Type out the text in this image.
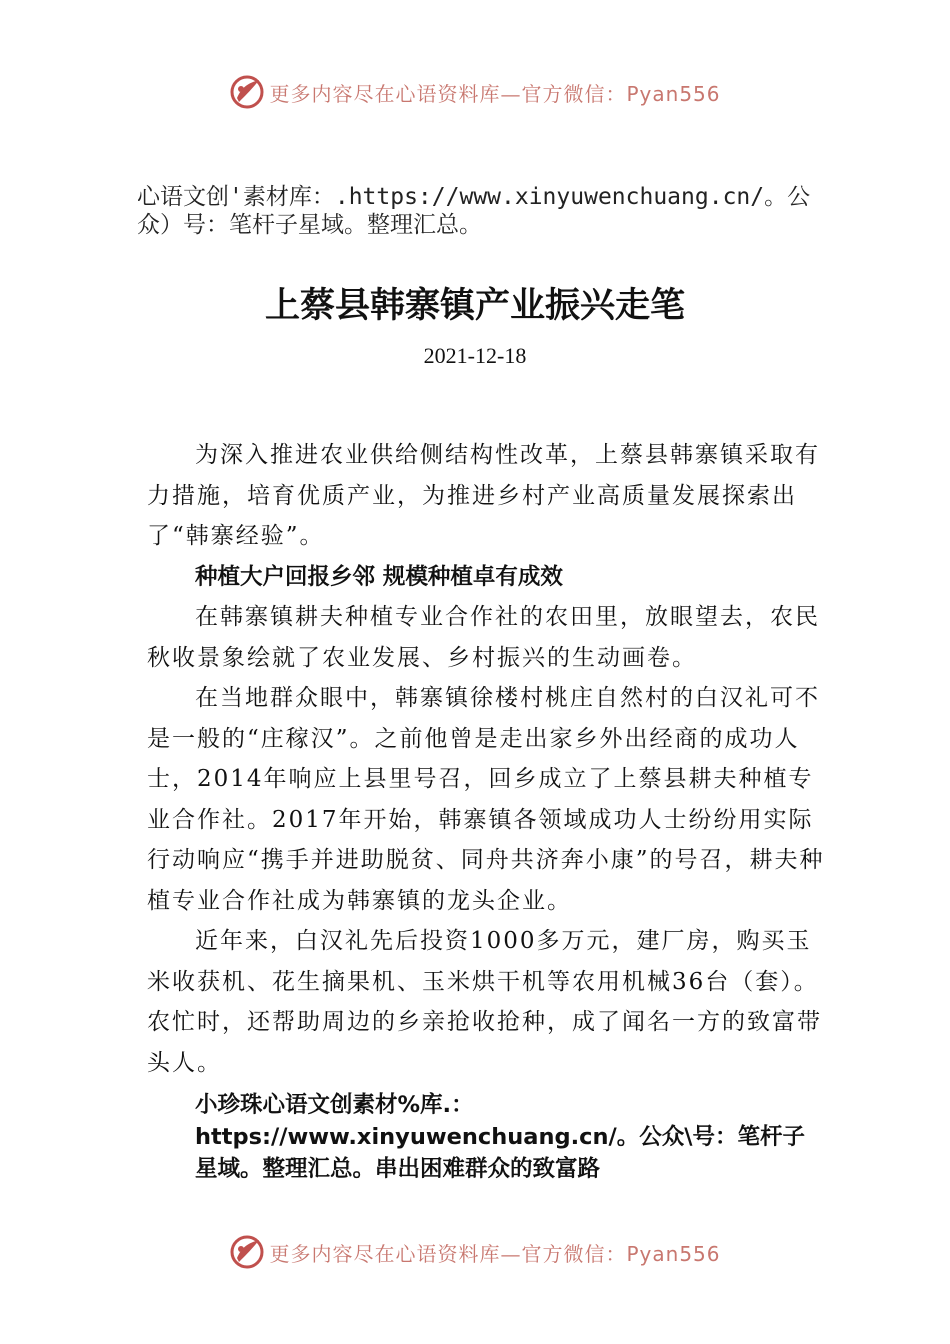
更多内容尽在心语资料库—官方微信：Pyan556
心语文创'素材库：.https://www.xinyuwenchuang.cn/。公众）号：笔杆子星域。整理汇总。
上蔡县韩寨镇产业振兴走笔
2021-12-18

为深入推进农业供给侧结构性改革，上蔡县韩寨镇采取有力措施，培育优质产业，为推进乡村产业高质量发展探索出了“韩寨经验”。

种植大户回报乡邻 规模种植卓有成效

在韩寨镇耕夫种植专业合作社的农田里，放眼望去，农民秋收景象绘就了农业发展、乡村振兴的生动画卷。

在当地群众眼中，韩寨镇徐楼村桃庄自然村的白汉礼可不是一般的“庄稼汉”。之前他曾是走出家乡外出经商的成功人士，2014年响应上县里号召，回乡成立了上蔡县耕夫种植专业合作社。2017年开始，韩寨镇各领域成功人士纷纷用实际行动响应“携手并进助脱贫、同舟共济奔小康”的号召，耕夫种植专业合作社成为韩寨镇的龙头企业。

近年来，白汉礼先后投资1000多万元，建厂房，购买玉米收获机、花生摘果机、玉米烘干机等农用机械36台（套）。农忙时，还帮助周边的乡亲抢收抢种，成了闻名一方的致富带头人。

小珍珠心语文创素材%库.：https://www.xinyuwenchuang.cn/。公众\号：笔杆子星域。整理汇总。串出困难群众的致富路

更多内容尽在心语资料库—官方微信：Pyan556
